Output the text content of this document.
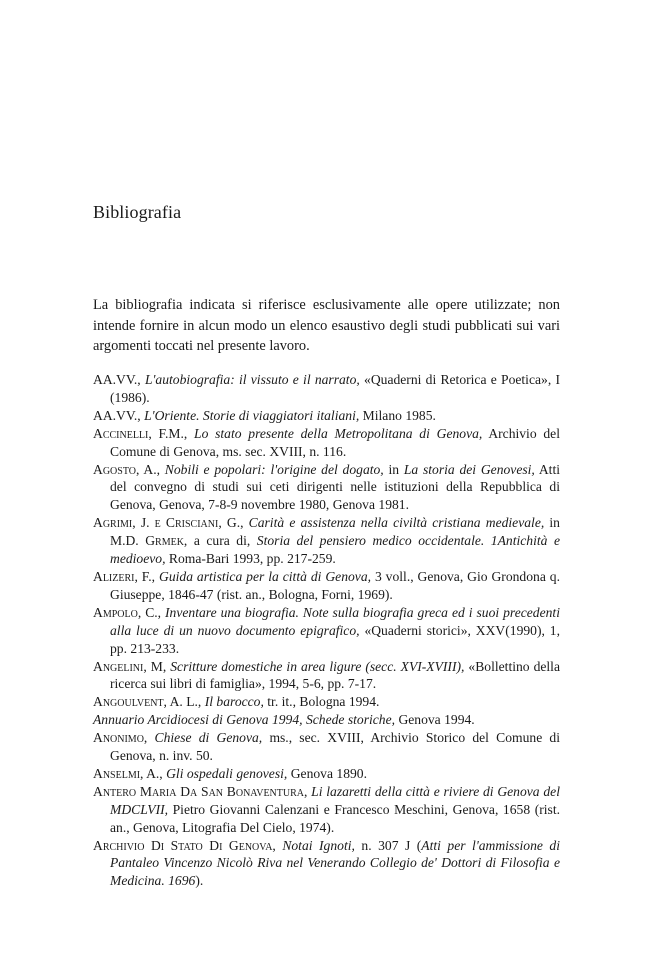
Bibliografia
La bibliografia indicata si riferisce esclusivamente alle opere utilizzate; non intende fornire in alcun modo un elenco esaustivo degli studi pubblicati sui vari argomenti toccati nel presente lavoro.

AA.VV., L'autobiografia: il vissuto e il narrato, «Quaderni di Retorica e Poetica», I (1986).

AA.VV., L'Oriente. Storie di viaggiatori italiani, Milano 1985.

Accinelli, F.M., Lo stato presente della Metropolitana di Genova, Archivio del Comune di Genova, ms. sec. XVIII, n. 116.

Agosto, A., Nobili e popolari: l'origine del dogato, in La storia dei Genovesi, Atti del convegno di studi sui ceti dirigenti nelle istituzioni della Repubblica di Genova, Genova, 7-8-9 novembre 1980, Genova 1981.

Agrimi, J. e Crisciani, G., Carità e assistenza nella civiltà cristiana medievale, in M.D. Grmek, a cura di, Storia del pensiero medico occidentale. 1Antichità e medioevo, Roma-Bari 1993, pp. 217-259.

Alizeri, F., Guida artistica per la città di Genova, 3 voll., Genova, Gio Grondona q. Giuseppe, 1846-47 (rist. an., Bologna, Forni, 1969).

Ampolo, C., Inventare una biografia. Note sulla biografia greca ed i suoi precedenti alla luce di un nuovo documento epigrafico, «Quaderni storici», XXV(1990), 1, pp. 213-233.

Angelini, M, Scritture domestiche in area ligure (secc. XVI-XVIII), «Bollettino della ricerca sui libri di famiglia», 1994, 5-6, pp. 7-17.

Angoulvent, A. L., Il barocco, tr. it., Bologna 1994.

Annuario Arcidiocesi di Genova 1994, Schede storiche, Genova 1994.

Anonimo, Chiese di Genova, ms., sec. XVIII, Archivio Storico del Comune di Genova, n. inv. 50.

Anselmi, A., Gli ospedali genovesi, Genova 1890.

Antero Maria Da San Bonaventura, Li lazaretti della città e riviere di Genova del MDCLVII, Pietro Giovanni Calenzani e Francesco Meschini, Genova, 1658 (rist. an., Genova, Litografia Del Cielo, 1974).

Archivio Di Stato Di Genova, Notai Ignoti, n. 307 J (Atti per l'ammissione di Pantaleo Vincenzo Nicolò Riva nel Venerando Collegio de' Dottori di Filosofia e Medicina. 1696).
